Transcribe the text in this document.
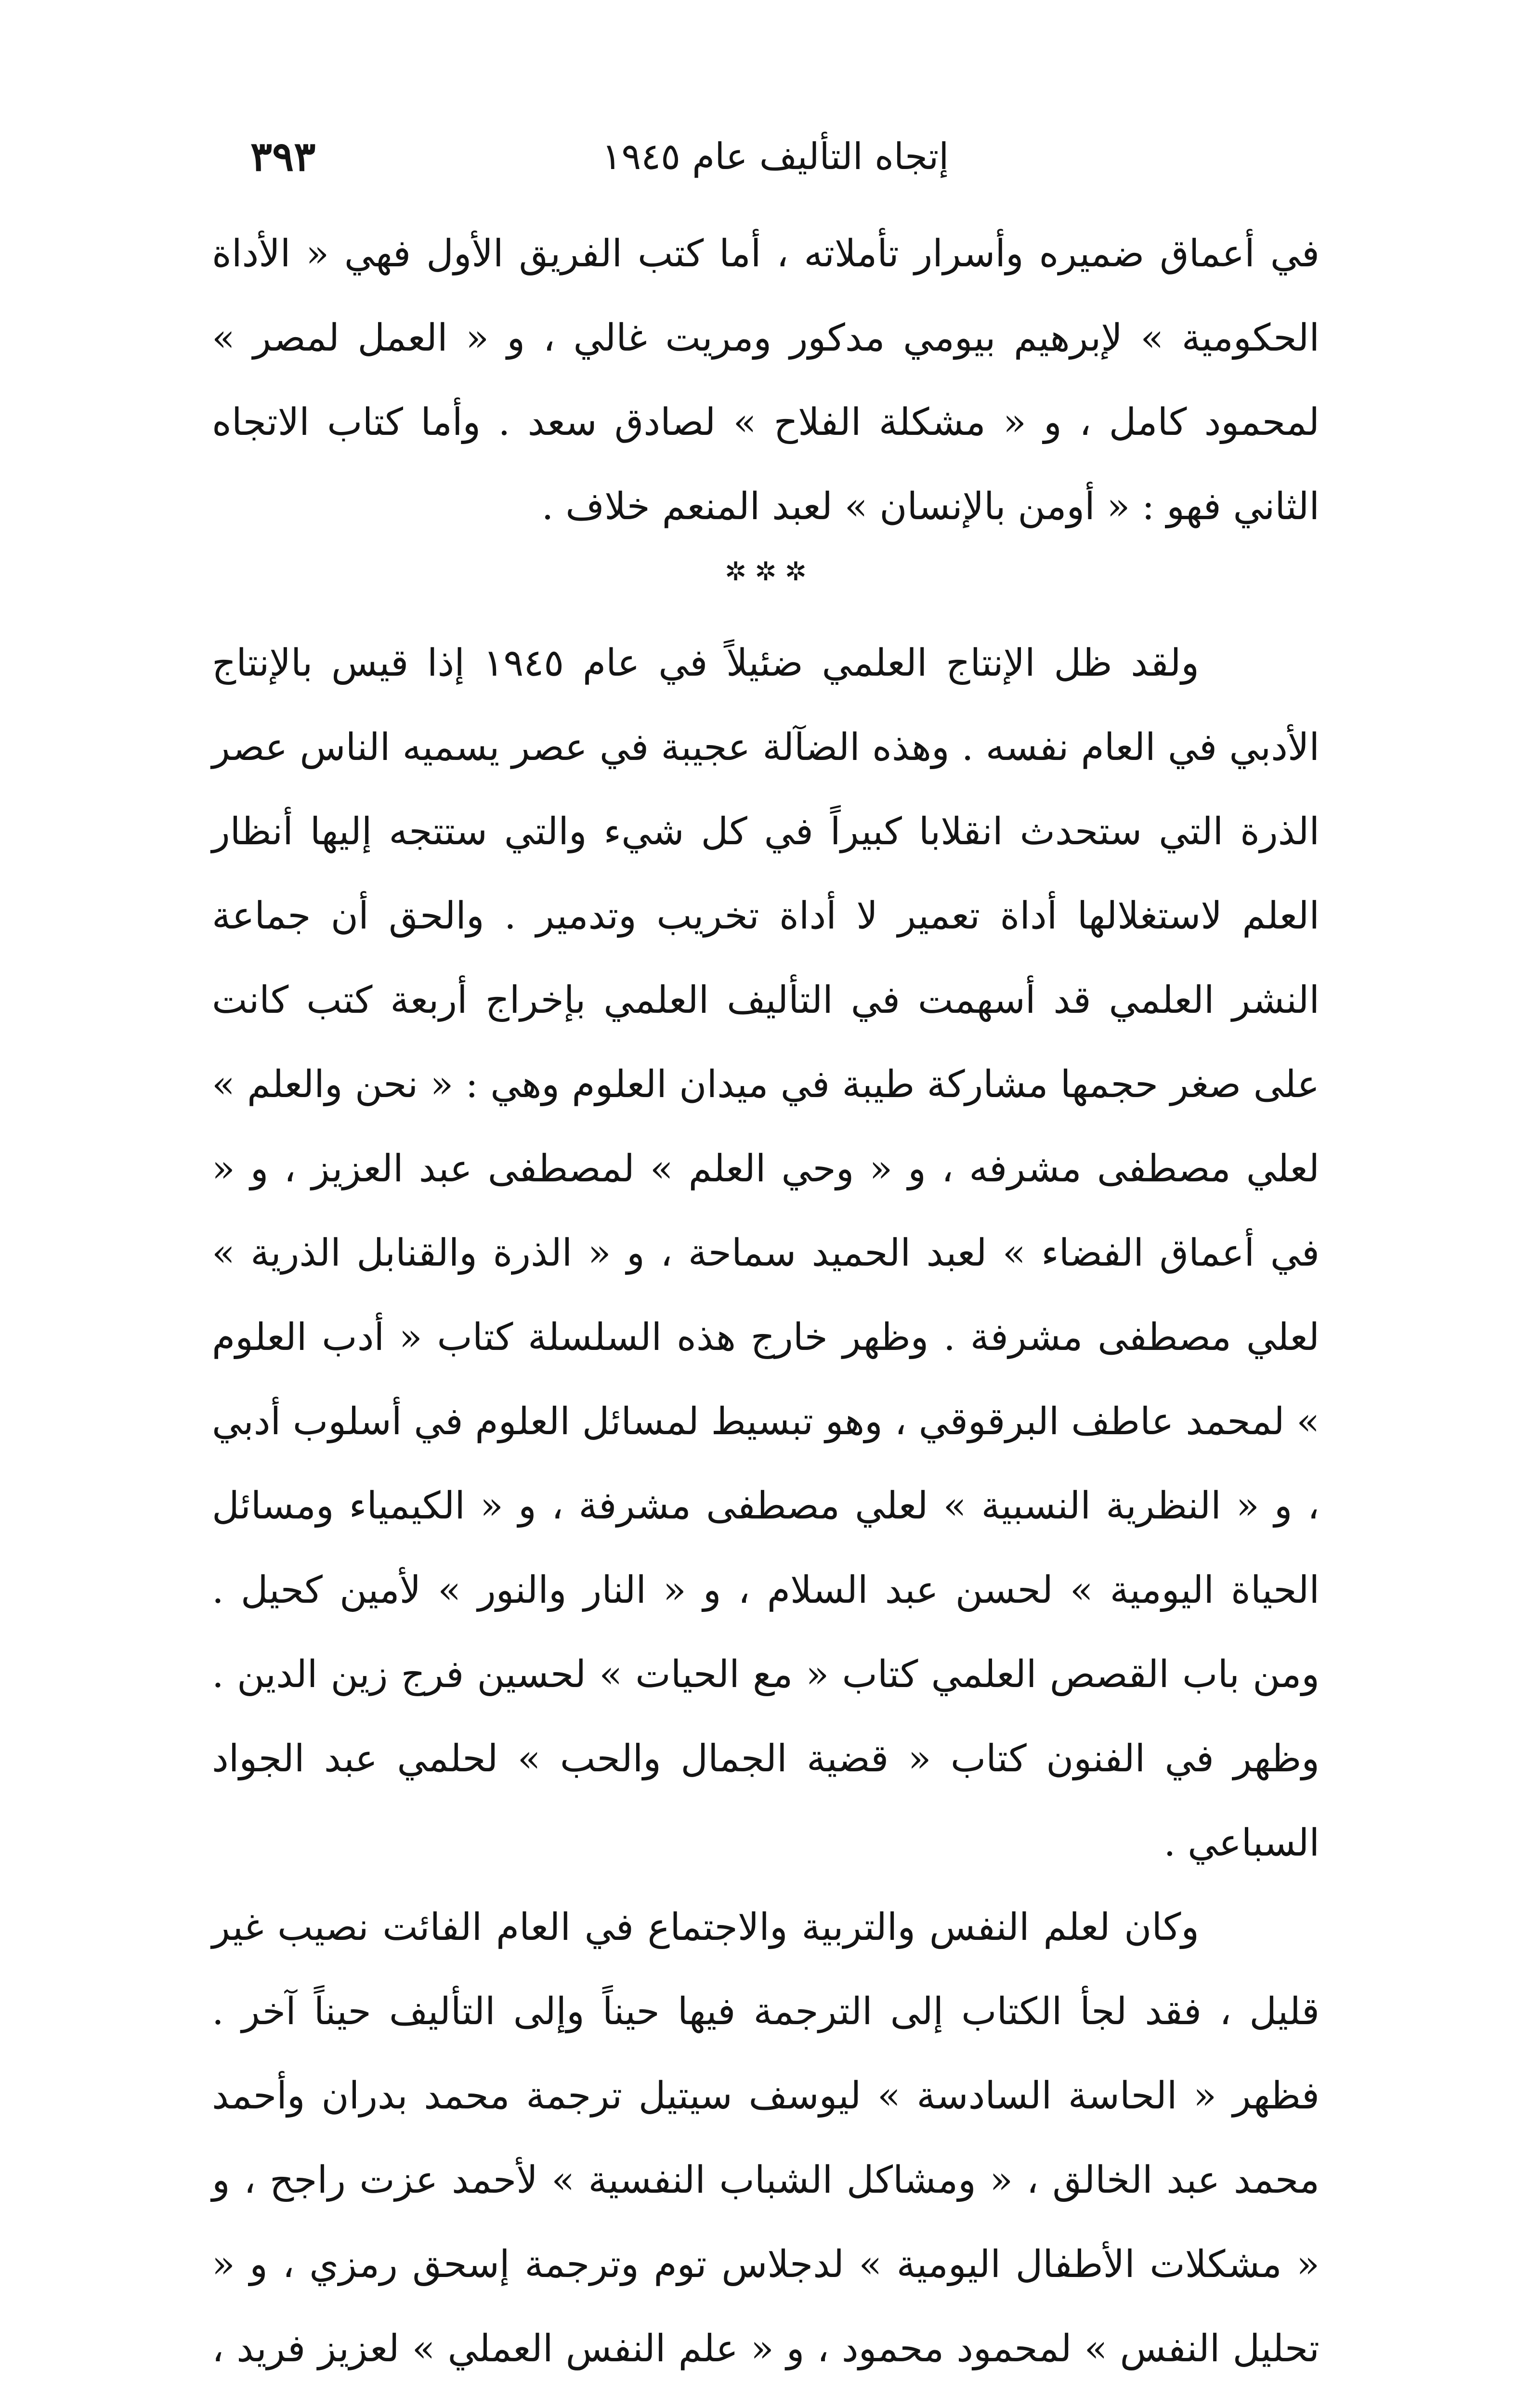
إتجاه التأليف عام ١٩٤٥
٣٩٣

في أعماق ضميره وأسرار تأملاته ، أما كتب الفريق الأول فهي « الأداة الحكومية » لإبرهيم بيومي مدكور ومريت غالي ، و « العمل لمصر » لمحمود كامل ، و « مشكلة الفلاح » لصادق سعد . وأما كتاب الاتجاه الثاني فهو : « أومن بالإنسان » لعبد المنعم خلاف .

✲ ✲ ✲

ولقد ظل الإنتاج العلمي ضئيلاً في عام ١٩٤٥ إذا قيس بالإنتاج الأدبي في العام نفسه . وهذه الضآلة عجيبة في عصر يسميه الناس عصر الذرة التي ستحدث انقلابا كبيراً في كل شيء والتي ستتجه إليها أنظار العلم لاستغلالها أداة تعمير لا أداة تخريب وتدمير . والحق أن جماعة النشر العلمي قد أسهمت في التأليف العلمي بإخراج أربعة كتب كانت على صغر حجمها مشاركة طيبة في ميدان العلوم وهي : « نحن والعلم » لعلي مصطفى مشرفه ، و « وحي العلم » لمصطفى عبد العزيز ، و « في أعماق الفضاء » لعبد الحميد سماحة ، و « الذرة والقنابل الذرية » لعلي مصطفى مشرفة . وظهر خارج هذه السلسلة كتاب « أدب العلوم » لمحمد عاطف البرقوقي ، وهو تبسيط لمسائل العلوم في أسلوب أدبي ، و « النظرية النسبية » لعلي مصطفى مشرفة ، و « الكيمياء ومسائل الحياة اليومية » لحسن عبد السلام ، و « النار والنور » لأمين كحيل . ومن باب القصص العلمي كتاب « مع الحيات » لحسين فرج زين الدين . وظهر في الفنون كتاب « قضية الجمال والحب » لحلمي عبد الجواد السباعي .

وكان لعلم النفس والتربية والاجتماع في العام الفائت نصيب غير قليل ، فقد لجأ الكتاب إلى الترجمة فيها حيناً وإلى التأليف حيناً آخر . فظهر « الحاسة السادسة » ليوسف سيتيل ترجمة محمد بدران وأحمد محمد عبد الخالق ، « ومشاكل الشباب النفسية » لأحمد عزت راجح ، و « مشكلات الأطفال اليومية » لدجلاس توم وترجمة إسحق رمزي ، و « تحليل النفس » لمحمود محمود ، و « علم النفس العملي » لعزيز فريد ،
